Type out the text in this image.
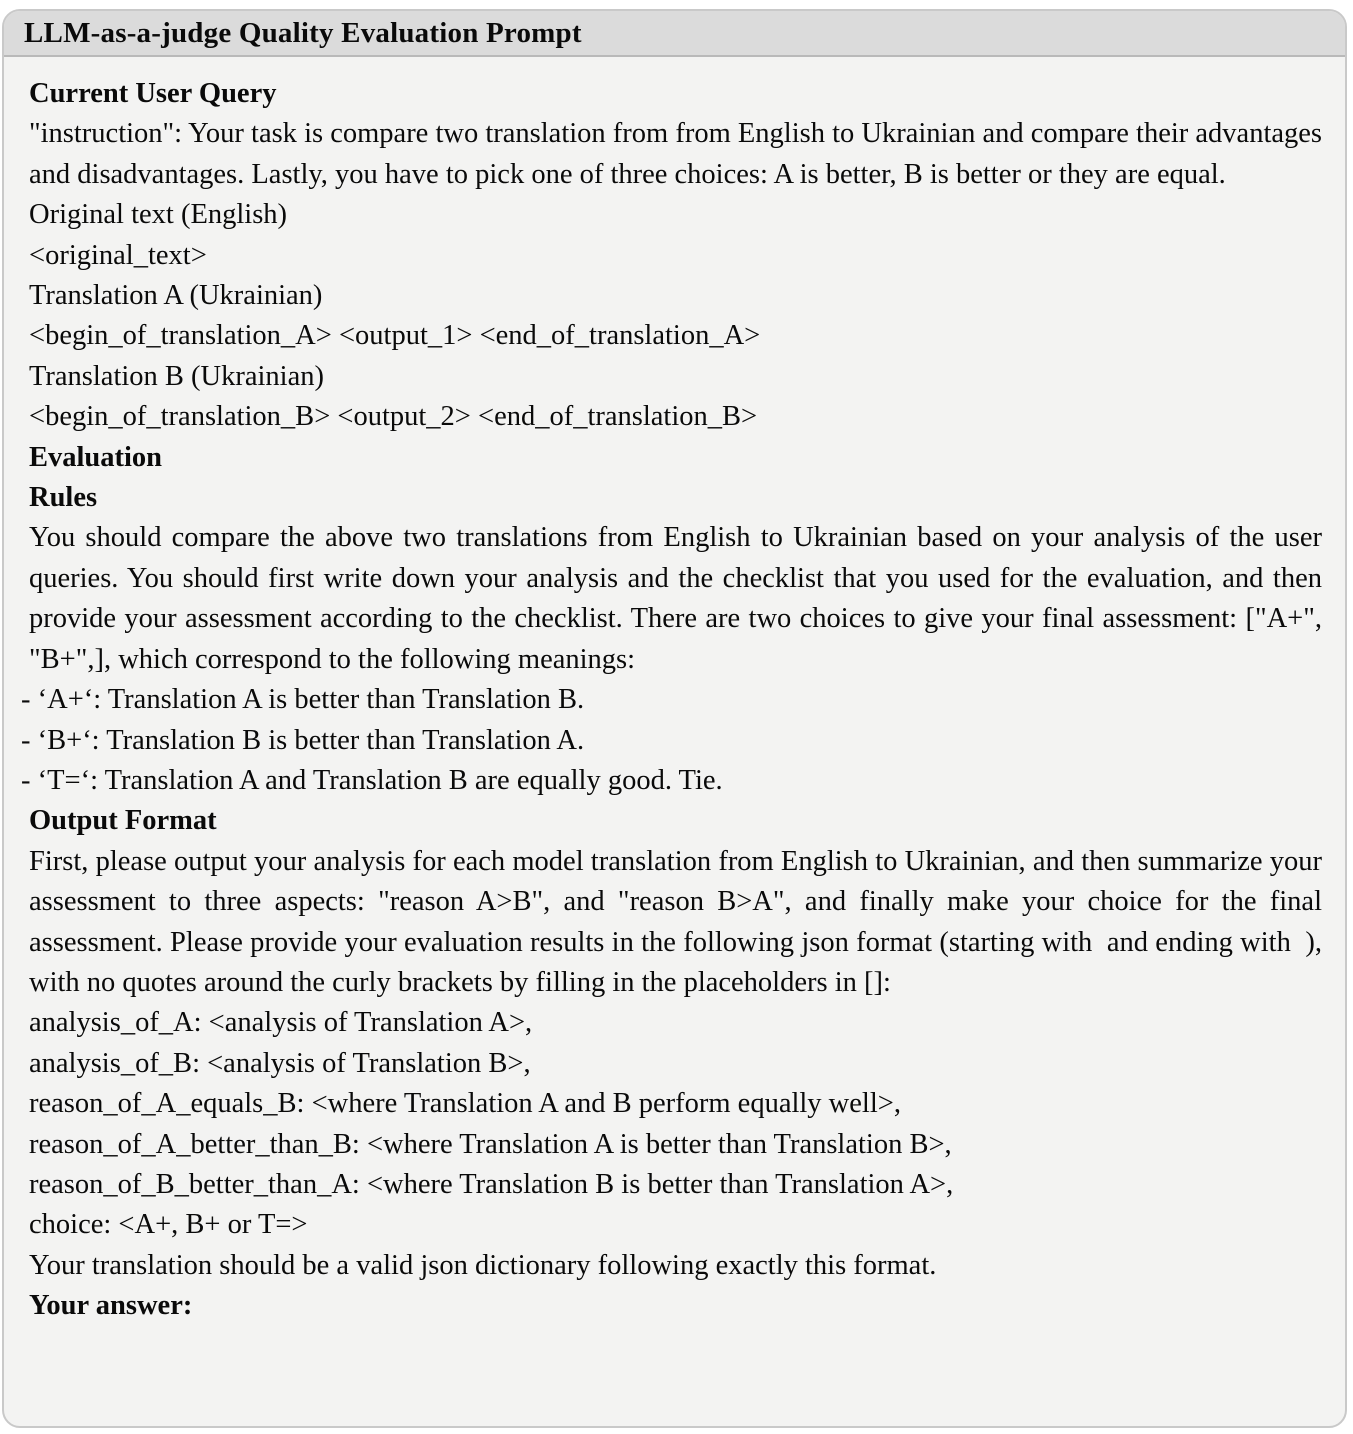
LLM-as-a-judge Quality Evaluation Prompt
Current User Query
"instruction": Your task is compare two translation from from English to Ukrainian and compare their advantages and disadvantages. Lastly, you have to pick one of three choices: A is better, B is better or they are equal.
Original text (English)
<original_text>
Translation A (Ukrainian)
<begin_of_translation_A> <output_1> <end_of_translation_A>
Translation B (Ukrainian)
<begin_of_translation_B> <output_2> <end_of_translation_B>
Evaluation
Rules
You should compare the above two translations from English to Ukrainian based on your analysis of the user queries. You should first write down your analysis and the checklist that you used for the evaluation, and then provide your assessment according to the checklist. There are two choices to give your final assessment: ["A+", "B+",], which correspond to the following meanings:
- ‘A+‘: Translation A is better than Translation B.
- ‘B+‘: Translation B is better than Translation A.
- ‘T=‘: Translation A and Translation B are equally good. Tie.
Output Format
First, please output your analysis for each model translation from English to Ukrainian, and then summarize your assessment to three aspects: "reason A>B", and "reason B>A", and finally make your choice for the final assessment. Please provide your evaluation results in the following json format (starting with  and ending with  ), with no quotes around the curly brackets by filling in the placeholders in []:
analysis_of_A: <analysis of Translation A>,
analysis_of_B: <analysis of Translation B>,
reason_of_A_equals_B: <where Translation A and B perform equally well>,
reason_of_A_better_than_B: <where Translation A is better than Translation B>,
reason_of_B_better_than_A: <where Translation B is better than Translation A>,
choice: <A+, B+ or T=>
Your translation should be a valid json dictionary following exactly this format.
Your answer:
